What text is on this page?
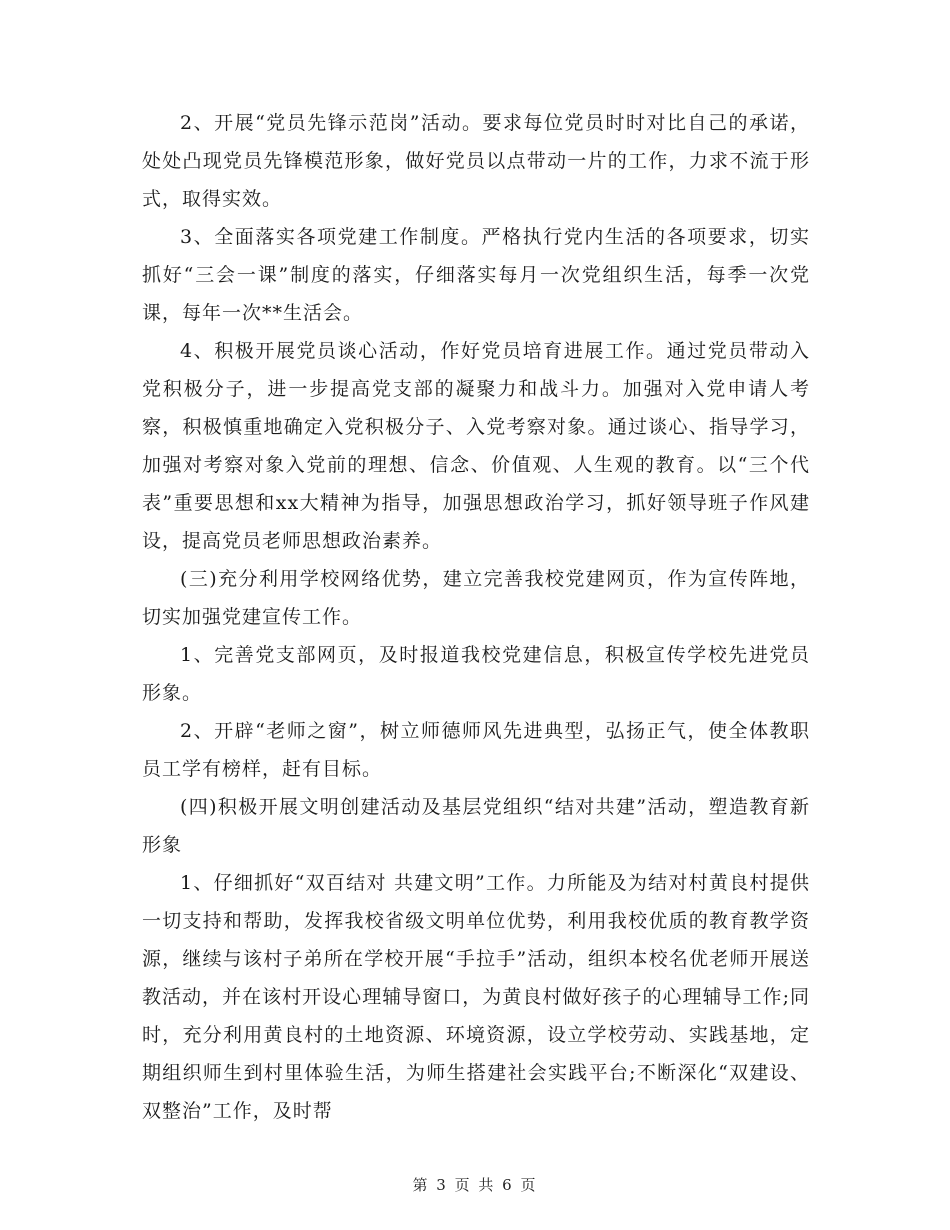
2、开展“党员先锋示范岗”活动。要求每位党员时时对比自己的承诺，处处凸现党员先锋模范形象，做好党员以点带动一片的工作，力求不流于形式，取得实效。

3、全面落实各项党建工作制度。严格执行党内生活的各项要求，切实抓好“三会一课”制度的落实，仔细落实每月一次党组织生活，每季一次党课，每年一次**生活会。

4、积极开展党员谈心活动，作好党员培育进展工作。通过党员带动入党积极分子，进一步提高党支部的凝聚力和战斗力。加强对入党申请人考察，积极慎重地确定入党积极分子、入党考察对象。通过谈心、指导学习，加强对考察对象入党前的理想、信念、价值观、人生观的教育。以“三个代表”重要思想和xx大精神为指导，加强思想政治学习，抓好领导班子作风建设，提高党员老师思想政治素养。

(三)充分利用学校网络优势，建立完善我校党建网页，作为宣传阵地，切实加强党建宣传工作。

1、完善党支部网页，及时报道我校党建信息，积极宣传学校先进党员形象。

2、开辟“老师之窗”，树立师德师风先进典型，弘扬正气，使全体教职员工学有榜样，赶有目标。

(四)积极开展文明创建活动及基层党组织“结对共建”活动，塑造教育新形象

1、仔细抓好“双百结对 共建文明”工作。力所能及为结对村黄良村提供一切支持和帮助，发挥我校省级文明单位优势，利用我校优质的教育教学资源，继续与该村子弟所在学校开展“手拉手”活动，组织本校名优老师开展送教活动，并在该村开设心理辅导窗口，为黄良村做好孩子的心理辅导工作;同时，充分利用黄良村的土地资源、环境资源，设立学校劳动、实践基地，定期组织师生到村里体验生活，为师生搭建社会实践平台;不断深化“双建设、双整治”工作，及时帮

第 3 页 共 6 页
